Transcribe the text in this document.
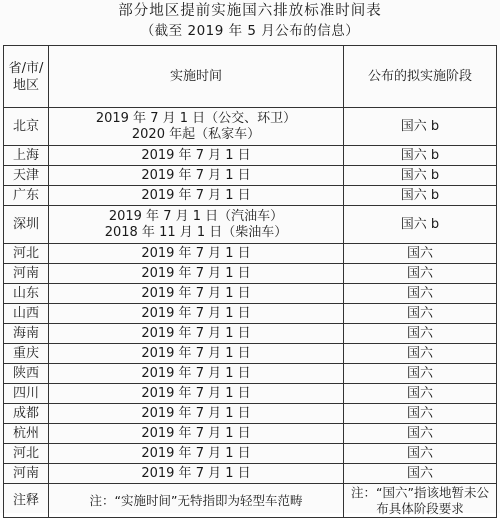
部分地区提前实施国六排放标准时间表
（截至 2019 年 5 月公布的信息）
省/市/
地区	实施时间	公布的拟实施阶段
北京	2019 年 7 月 1 日（公交、环卫）
2020 年起（私家车）	国六 b
上海	2019 年 7 月 1 日	国六 b
天津	2019 年 7 月 1 日	国六 b
广东	2019 年 7 月 1 日	国六 b
深圳	2019 年 7 月 1 日（汽油车）
2018 年 11 月 1 日（柴油车）	国六 b
河北	2019 年 7 月 1 日	国六
河南	2019 年 7 月 1 日	国六
山东	2019 年 7 月 1 日	国六
山西	2019 年 7 月 1 日	国六
海南	2019 年 7 月 1 日	国六
重庆	2019 年 7 月 1 日	国六
陕西	2019 年 7 月 1 日	国六
四川	2019 年 7 月 1 日	国六
成都	2019 年 7 月 1 日	国六
杭州	2019 年 7 月 1 日	国六
河北	2019 年 7 月 1 日	国六
河南	2019 年 7 月 1 日	国六
注释	注：“实施时间”无特指即为轻型车范畴	注：“国六”指该地暂未公布具体阶段要求
